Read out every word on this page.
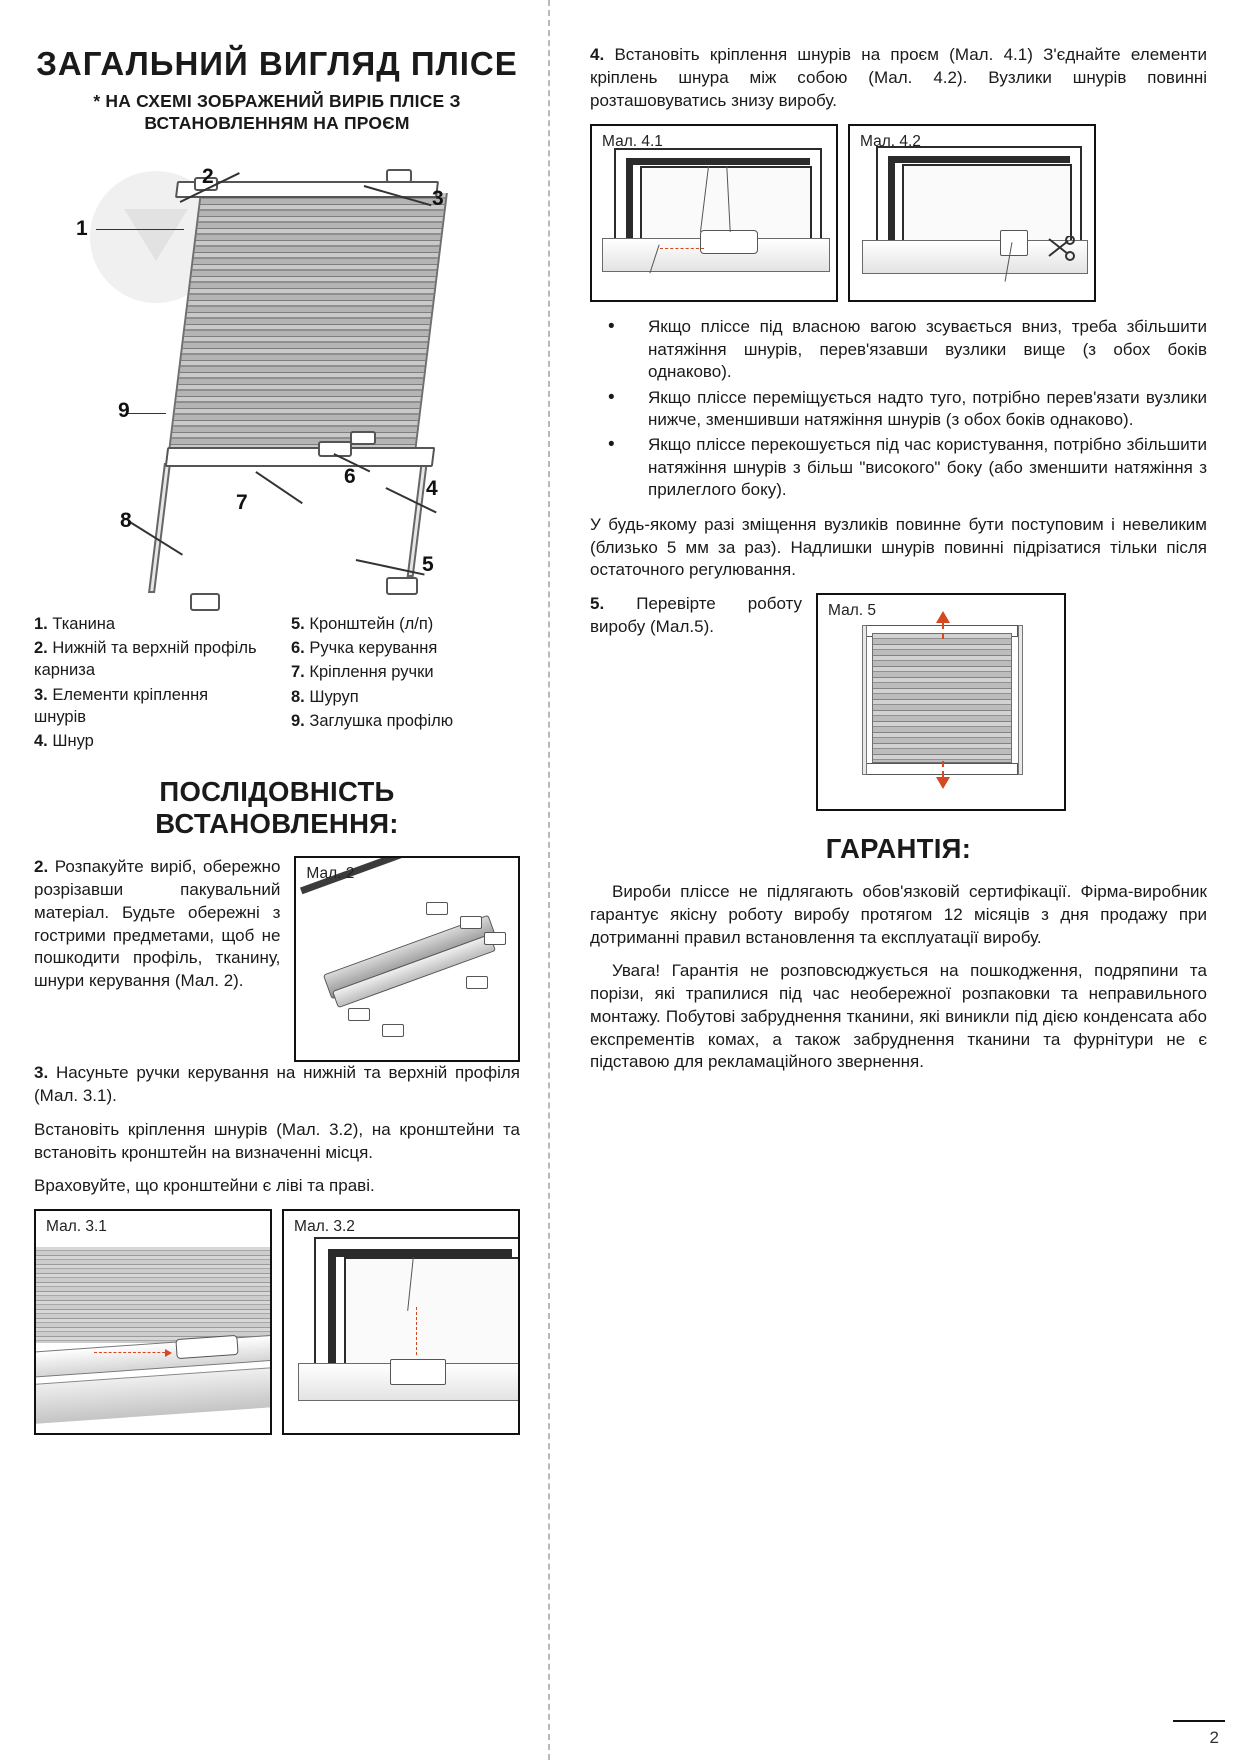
ЗАГАЛЬНИЙ ВИГЛЯД ПЛІСЕ
* НА СХЕМІ ЗОБРАЖЕНИЙ ВИРІБ ПЛІСЕ З ВСТАНОВЛЕННЯМ НА ПРОЄМ
1
2
3
4
5
6
7
8
9
1. Тканина
2. Нижній та верхній профіль карниза
3. Елементи кріплення шнурів
4. Шнур
5. Кронштейн (л/п)
6. Ручка керування
7. Кріплення ручки
8. Шуруп
9. Заглушка профілю
ПОСЛІДОВНІСТЬ ВСТАНОВЛЕННЯ:

2. Розпакуйте виріб, обережно розрізавши пакувальний матеріал. Будьте обережні з гострими предметами, щоб не пошкодити профіль, тканину, шнури керування (Мал. 2).

Мал. 2

3. Насуньте ручки керування на нижній та верхній профіля (Мал. 3.1).

Встановіть кріплення шнурів (Мал. 3.2), на кронштейни та встановіть кронштейн на визначенні місця.

Враховуйте, що кронштейни є ліві та праві.

Мал. 3.1	Мал. 3.2

4. Встановіть кріплення шнурів на проєм (Мал. 4.1) З'єднайте елементи кріплень шнура між собою (Мал. 4.2). Вузлики шнурів повинні розташовуватись знизу виробу.

Мал. 4.1	Мал. 4.2
• Якщо пліссе під власною вагою зсувається вниз, треба збільшити натяжіння шнурів, перев'язавши вузлики вище (з обох боків однаково).
• Якщо пліссе переміщується надто туго, потрібно перев'язати вузлики нижче, зменшивши натяжіння шнурів (з обох боків однаково).
• Якщо пліссе перекошується під час користування, потрібно збільшити натяжіння шнурів з більш "високого" боку (або зменшити натяжіння з прилеглого боку).

У будь-якому разі зміщення вузликів повинне бути поступовим і невеликим (близько 5 мм за раз). Надлишки шнурів повинні підрізатися тільки після остаточного регулювання.

5. Перевірте роботу виробу (Мал.5).

Мал. 5
ГАРАНТІЯ:

Вироби пліссе не підлягають обов'язковій сертифікації. Фірма-виробник гарантує якісну роботу виробу протягом 12 місяців з дня продажу при дотриманні правил встановлення та експлуатації виробу.

Увага! Гарантія не розповсюджується на пошкодження, подряпини та порізи, які трапилися під час необережної розпаковки та неправильного монтажу. Побутові забруднення тканини, які виникли під дією конденсата або експрементів комах, а також забруднення тканини та фурнітури не є підставою для рекламаційного звернення.

2
